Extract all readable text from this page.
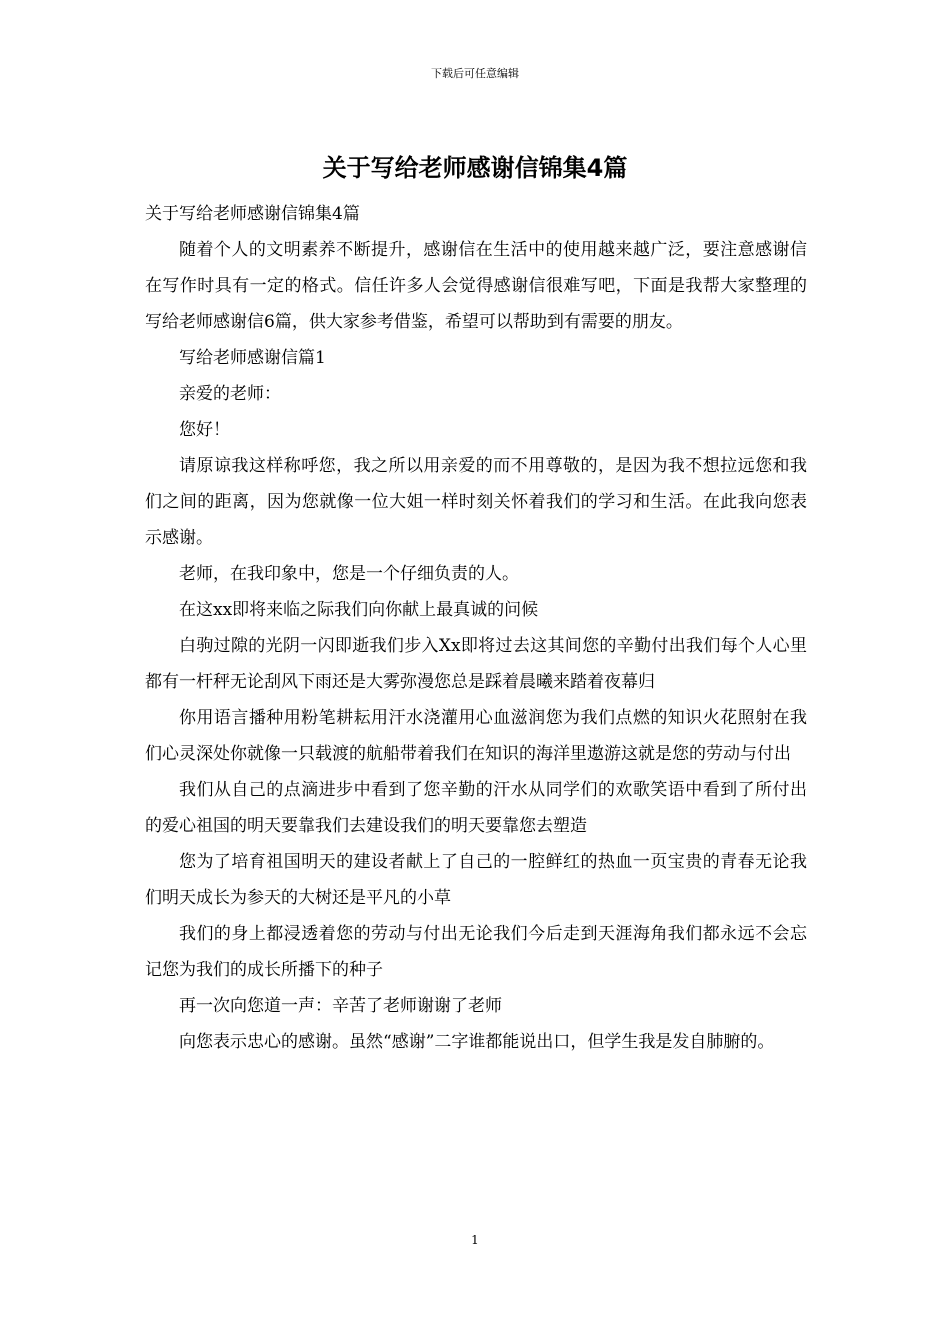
下载后可任意编辑
关于写给老师感谢信锦集4篇

关于写给老师感谢信锦集4篇

随着个人的文明素养不断提升，感谢信在生活中的使用越来越广泛，要注意感谢信在写作时具有一定的格式。信任许多人会觉得感谢信很难写吧，下面是我帮大家整理的写给老师感谢信6篇，供大家参考借鉴，希望可以帮助到有需要的朋友。

写给老师感谢信篇1

亲爱的老师：

您好！

请原谅我这样称呼您，我之所以用亲爱的而不用尊敬的，是因为我不想拉远您和我们之间的距离，因为您就像一位大姐一样时刻关怀着我们的学习和生活。在此我向您表示感谢。

老师，在我印象中，您是一个仔细负责的人。

在这xx即将来临之际我们向你献上最真诚的问候

白驹过隙的光阴一闪即逝我们步入Xx即将过去这其间您的辛勤付出我们每个人心里都有一杆秤无论刮风下雨还是大雾弥漫您总是踩着晨曦来踏着夜幕归

你用语言播种用粉笔耕耘用汗水浇灌用心血滋润您为我们点燃的知识火花照射在我们心灵深处你就像一只载渡的航船带着我们在知识的海洋里遨游这就是您的劳动与付出

我们从自己的点滴进步中看到了您辛勤的汗水从同学们的欢歌笑语中看到了所付出的爱心祖国的明天要靠我们去建设我们的明天要靠您去塑造

您为了培育祖国明天的建设者献上了自己的一腔鲜红的热血一页宝贵的青春无论我们明天成长为参天的大树还是平凡的小草

我们的身上都浸透着您的劳动与付出无论我们今后走到天涯海角我们都永远不会忘记您为我们的成长所播下的种子

再一次向您道一声：辛苦了老师谢谢了老师

向您表示忠心的感谢。虽然“感谢”二字谁都能说出口，但学生我是发自肺腑的。

1
